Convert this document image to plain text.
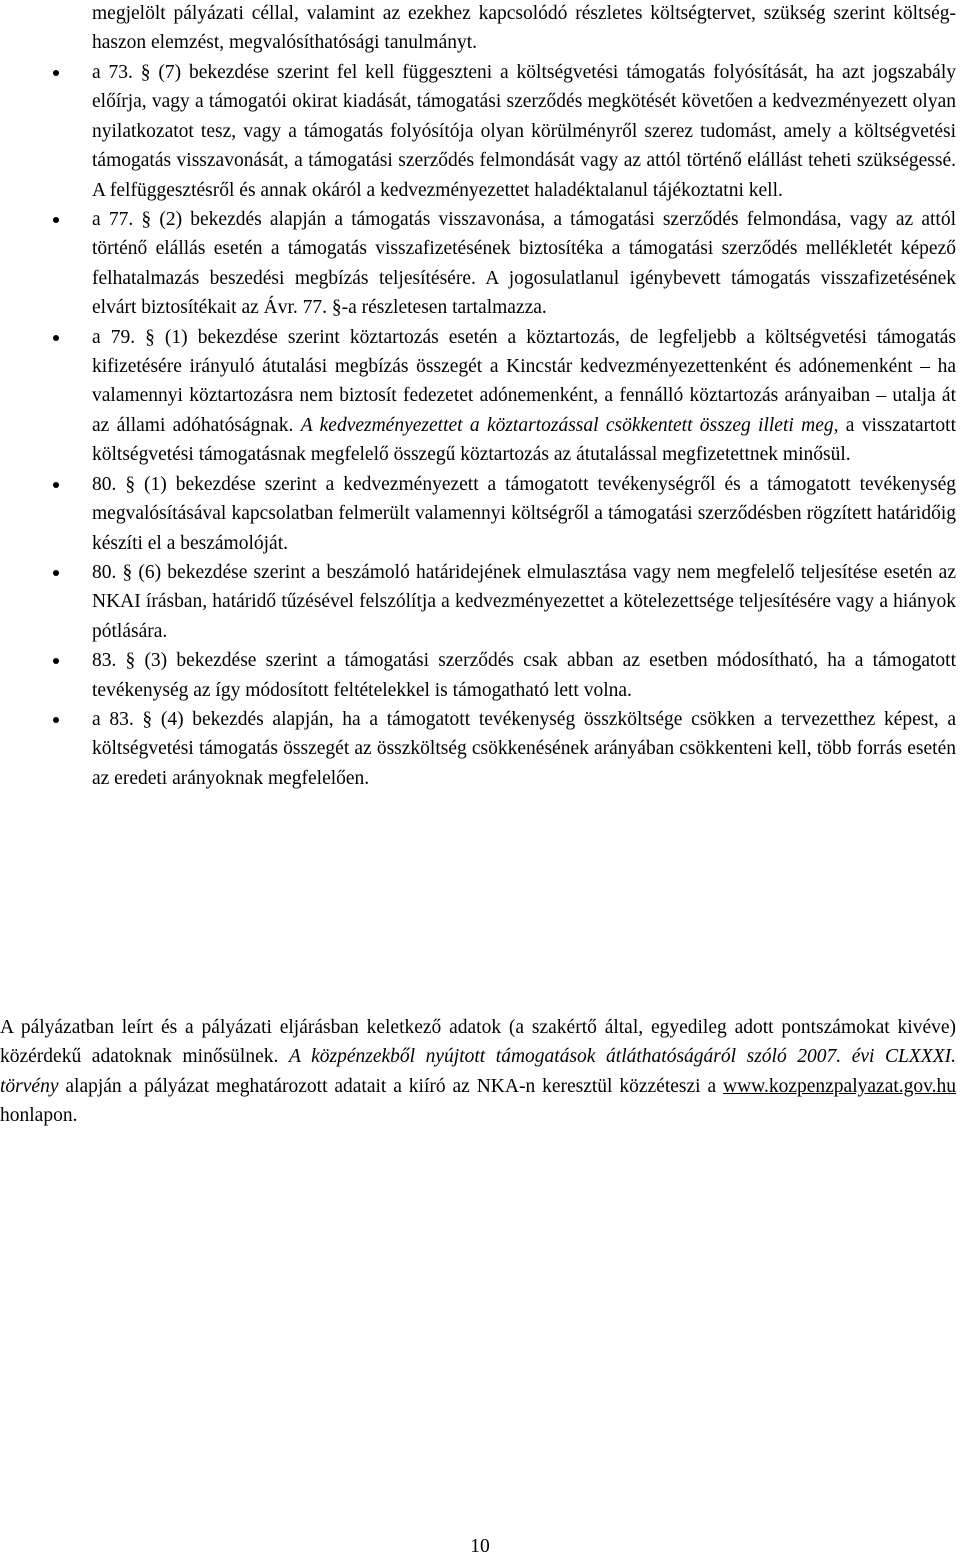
megjelölt pályázati céllal, valamint az ezekhez kapcsolódó részletes költségtervet, szükség szerint költség-haszon elemzést, megvalósíthatósági tanulmányt.

a 73. § (7) bekezdése szerint fel kell függeszteni a költségvetési támogatás folyósítását, ha azt jogszabály előírja, vagy a támogatói okirat kiadását, támogatási szerződés megkötését követően a kedvezményezett olyan nyilatkozatot tesz, vagy a támogatás folyósítója olyan körülményről szerez tudomást, amely a költségvetési támogatás visszavonását, a támogatási szerződés felmondását vagy az attól történő elállást teheti szükségessé. A felfüggesztésről és annak okáról a kedvezményezettet haladéktalanul tájékoztatni kell.

a 77. § (2) bekezdés alapján a támogatás visszavonása, a támogatási szerződés felmondása, vagy az attól történő elállás esetén a támogatás visszafizetésének biztosítéka a támogatási szerződés mellékletét képező felhatalmazás beszedési megbízás teljesítésére. A jogosulatlanul igénybevett támogatás visszafizetésének elvárt biztosítékait az Ávr. 77. §-a részletesen tartalmazza.

a 79. § (1) bekezdése szerint köztartozás esetén a köztartozás, de legfeljebb a költségvetési támogatás kifizetésére irányuló átutalási megbízás összegét a Kincstár kedvezményezettenként és adónemenként – ha valamennyi köztartozásra nem biztosít fedezetet adónemenként, a fennálló köztartozás arányaiban – utalja át az állami adóhatóságnak. A kedvezményezettet a köztartozással csökkentett összeg illeti meg, a visszatartott költségvetési támogatásnak megfelelő összegű köztartozás az átutalással megfizetettnek minősül.

80. § (1) bekezdése szerint a kedvezményezett a támogatott tevékenységről és a támogatott tevékenység megvalósításával kapcsolatban felmerült valamennyi költségről a támogatási szerződésben rögzített határidőig készíti el a beszámolóját.

80. § (6) bekezdése szerint a beszámoló határidejének elmulasztása vagy nem megfelelő teljesítése esetén az NKAI írásban, határidő tűzésével felszólítja a kedvezményezettet a kötelezettsége teljesítésére vagy a hiányok pótlására.

83. § (3) bekezdése szerint a támogatási szerződés csak abban az esetben módosítható, ha a támogatott tevékenység az így módosított feltételekkel is támogatható lett volna.

a 83. § (4) bekezdés alapján, ha a támogatott tevékenység összköltsége csökken a tervezetthez képest, a költségvetési támogatás összegét az összköltség csökkenésének arányában csökkenteni kell, több forrás esetén az eredeti arányoknak megfelelően.

A pályázatban leírt és a pályázati eljárásban keletkező adatok (a szakértő által, egyedileg adott pontszámokat kivéve) közérdekű adatoknak minősülnek. A közpénzekből nyújtott támogatások átláthatóságáról szóló 2007. évi CLXXXI. törvény alapján a pályázat meghatározott adatait a kiíró az NKA-n keresztül közzéteszi a www.kozpenzpalyazat.gov.hu honlapon.

10
